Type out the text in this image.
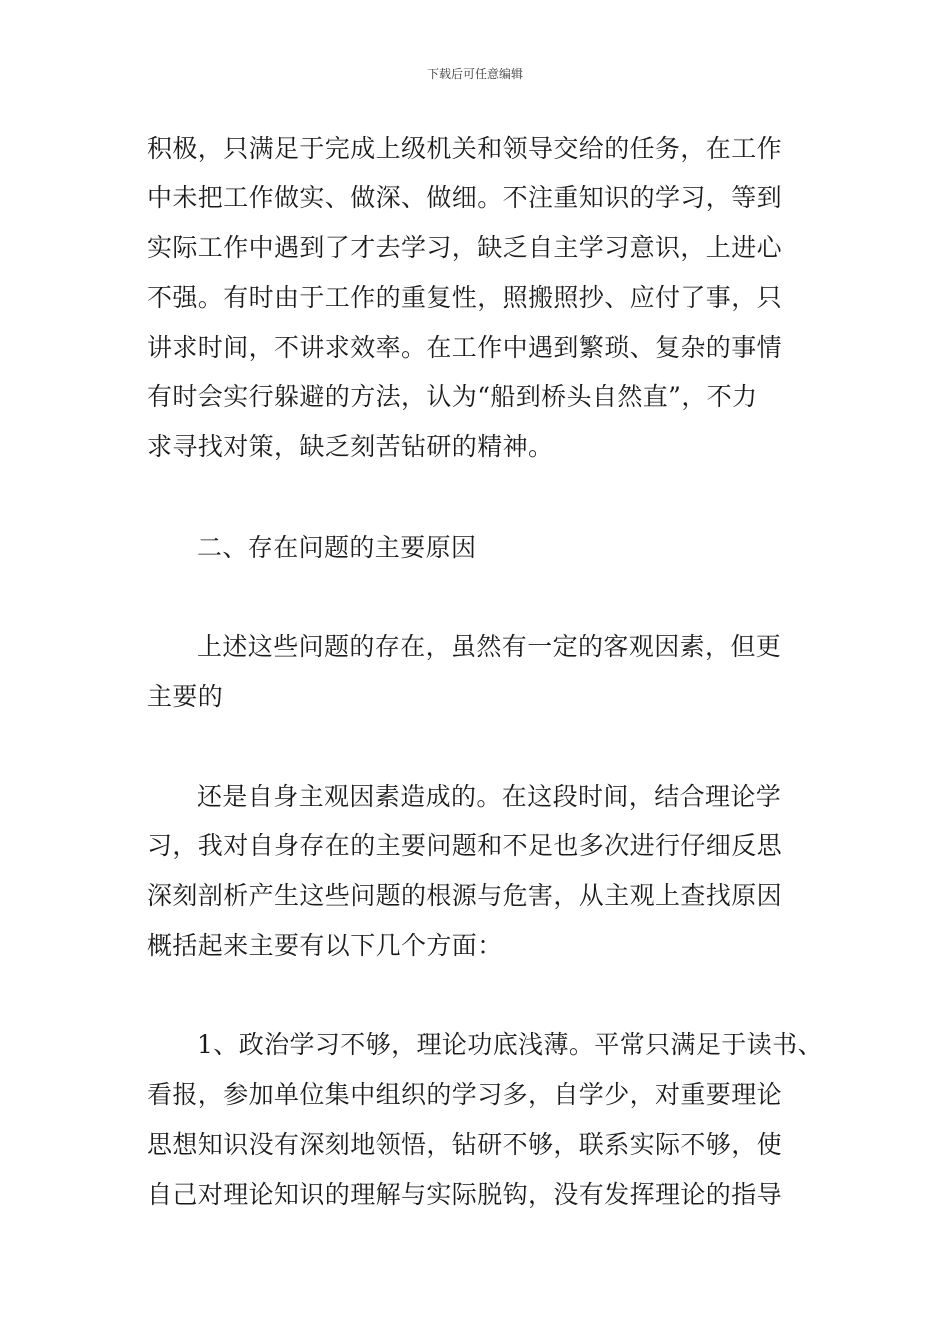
下载后可任意编辑
积极，只满足于完成上级机关和领导交给的任务，在工作
中未把工作做实、做深、做细。不注重知识的学习，等到
实际工作中遇到了才去学习，缺乏自主学习意识，上进心
不强。有时由于工作的重复性，照搬照抄、应付了事，只
讲求时间，不讲求效率。在工作中遇到繁琐、复杂的事情
有时会实行躲避的方法，认为“船到桥头自然直”，不力
求寻找对策，缺乏刻苦钻研的精神。
二、存在问题的主要原因
上述这些问题的存在，虽然有一定的客观因素，但更
主要的
还是自身主观因素造成的。在这段时间，结合理论学
习，我对自身存在的主要问题和不足也多次进行仔细反思
深刻剖析产生这些问题的根源与危害，从主观上查找原因
概括起来主要有以下几个方面：
1、政治学习不够，理论功底浅薄。平常只满足于读书、
看报，参加单位集中组织的学习多，自学少，对重要理论
思想知识没有深刻地领悟，钻研不够，联系实际不够，使
自己对理论知识的理解与实际脱钩，没有发挥理论的指导
